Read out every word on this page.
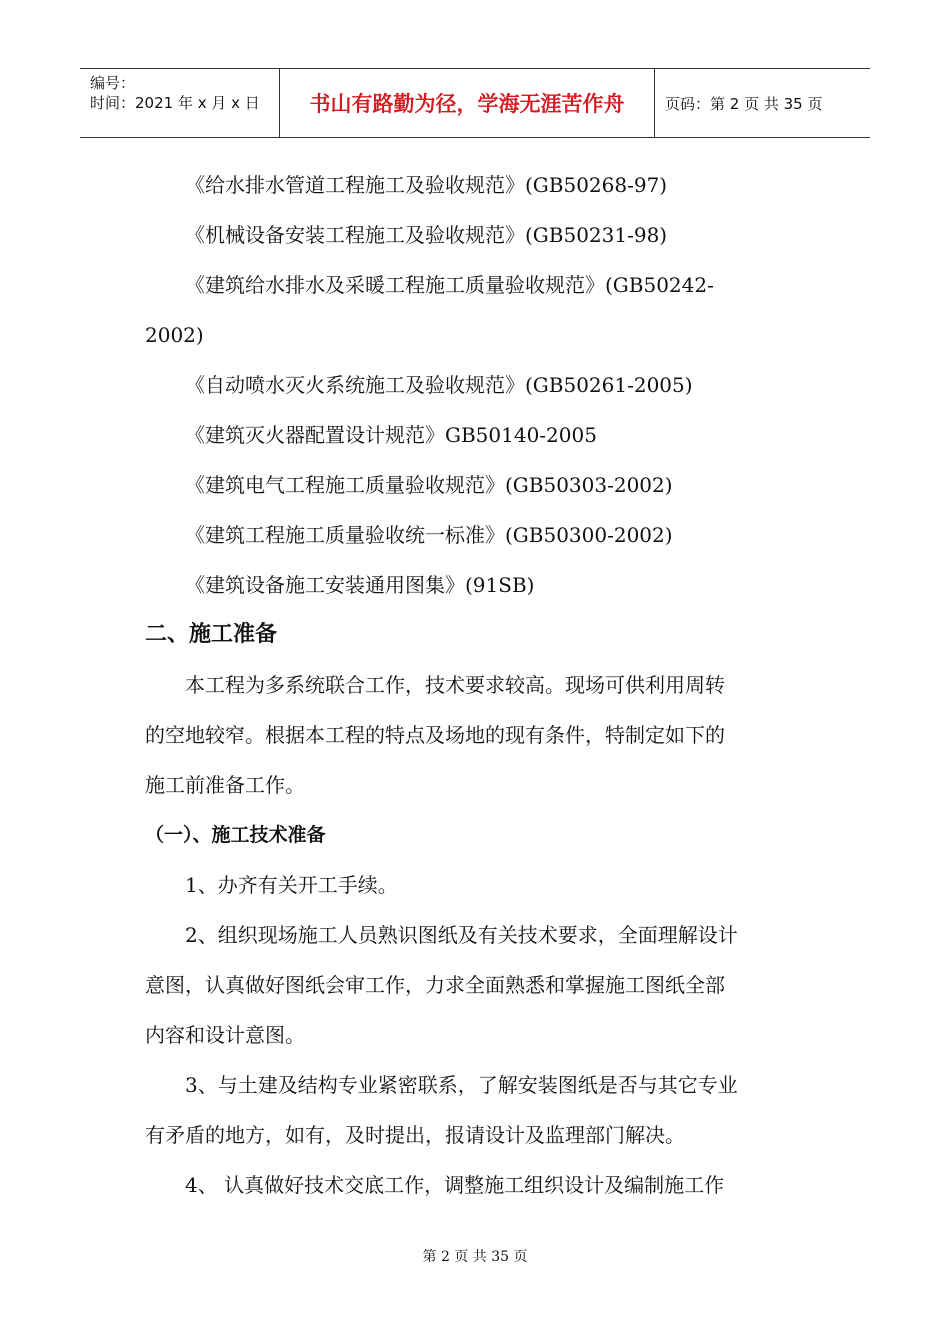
编号：
时间：2021 年 x 月 x 日	书山有路勤为径，学海无涯苦作舟	页码：第 2 页 共 35 页
《给水排水管道工程施工及验收规范》(GB50268-97)
《机械设备安装工程施工及验收规范》(GB50231-98)
《建筑给水排水及采暖工程施工质量验收规范》(GB50242-
2002)
《自动喷水灭火系统施工及验收规范》(GB50261-2005)
《建筑灭火器配置设计规范》GB50140-2005
《建筑电气工程施工质量验收规范》(GB50303-2002)
《建筑工程施工质量验收统一标准》(GB50300-2002)
《建筑设备施工安装通用图集》(91SB)
二、施工准备
本工程为多系统联合工作，技术要求较高。现场可供利用周转
的空地较窄。根据本工程的特点及场地的现有条件，特制定如下的
施工前准备工作。
（一）、施工技术准备
1、办齐有关开工手续。
2、组织现场施工人员熟识图纸及有关技术要求，全面理解设计
意图，认真做好图纸会审工作，力求全面熟悉和掌握施工图纸全部
内容和设计意图。
3、与土建及结构专业紧密联系，了解安装图纸是否与其它专业
有矛盾的地方，如有，及时提出，报请设计及监理部门解决。
4、 认真做好技术交底工作，调整施工组织设计及编制施工作
第 2 页 共 35 页
